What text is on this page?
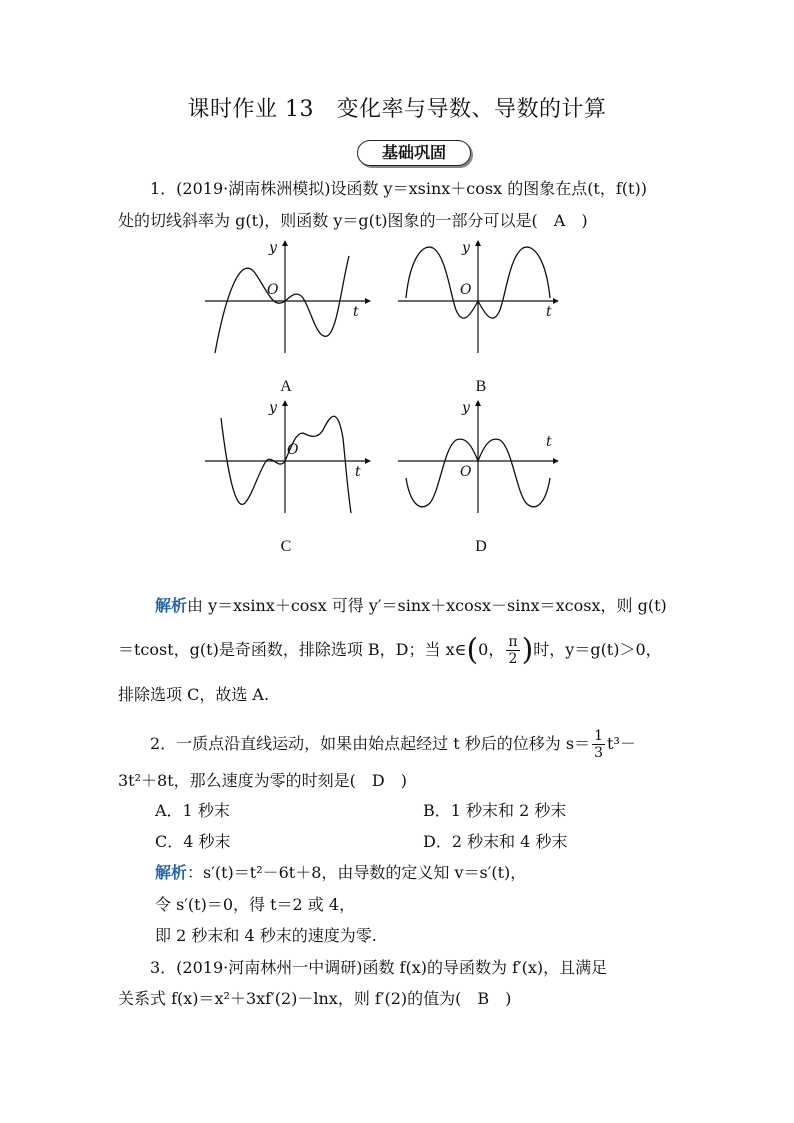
课时作业 13　变化率与导数、导数的计算
基础巩固
1．(2019·湖南株洲模拟)设函数 y＝xsinx＋cosx 的图象在点(t，f(t))
处的切线斜率为 g(t)，则函数 y＝g(t)图象的一部分可以是(　A　)
y
t
O
A
y
t
O
B
y
t
O
C
y
t
O
D
解析由 y＝xsinx＋cosx 可得 y′＝sinx＋xcosx－sinx＝xcosx，则 g(t)
＝tcost，g(t)是奇函数，排除选项 B，D；当 x∈(0， $\frac{\pi}{2}$ )时，y＝g(t)＞0，
排除选项 C，故选 A.
2．一质点沿直线运动，如果由始点起经过 t 秒后的位移为 $s= \frac{1}{3} t^3-$
3t²＋8t，那么速度为零的时刻是(　D　)
A．1 秒末	B．1 秒末和 2 秒末
C．4 秒末	D．2 秒末和 4 秒末
解析：s′(t)＝t²－6t＋8，由导数的定义知 v＝s′(t)，
令 s′(t)＝0，得 t＝2 或 4，
即 2 秒末和 4 秒末的速度为零.
3．(2019·河南林州一中调研)函数 f(x)的导函数为 f′(x)，且满足
关系式 f(x)＝x²＋3xf′(2)－lnx，则 f′(2)的值为(　B　)
